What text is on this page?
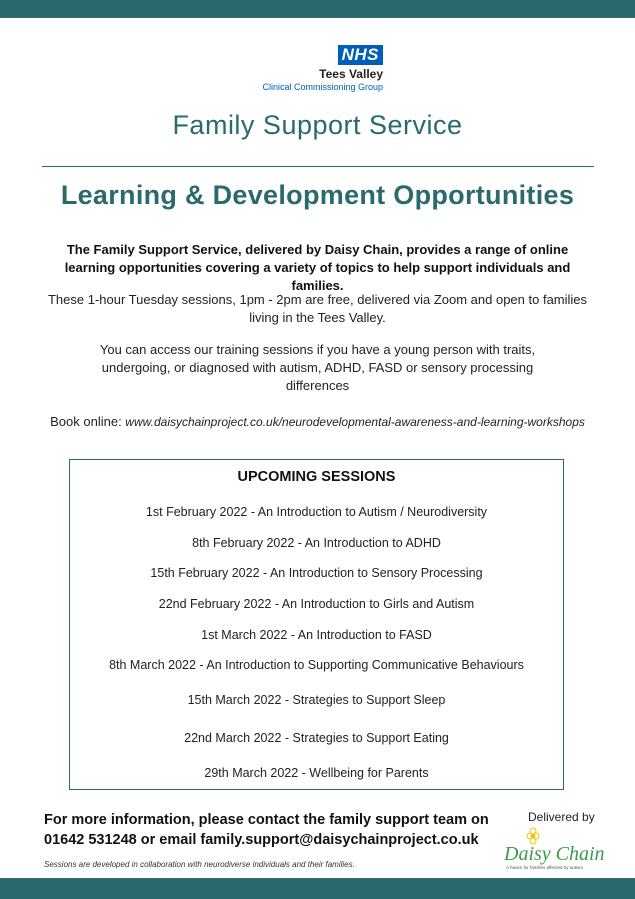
NHS
Tees Valley
Clinical Commissioning Group
Family Support Service
Learning & Development Opportunities
The Family Support Service, delivered by Daisy Chain, provides a range of online learning opportunities covering a variety of topics to help support individuals and families.
These 1-hour Tuesday sessions, 1pm - 2pm are free, delivered via Zoom and open to families living in the Tees Valley.
You can access our training sessions if you have a young person with traits, undergoing, or diagnosed with autism, ADHD, FASD or sensory processing differences
Book online: www.daisychainproject.co.uk/neurodevelopmental-awareness-and-learning-workshops
UPCOMING SESSIONS
1st February 2022 - An Introduction to Autism / Neurodiversity
8th February 2022 - An Introduction to ADHD
15th February 2022 - An Introduction to Sensory Processing
22nd February 2022 - An Introduction to Girls and Autism
1st March 2022 - An Introduction to FASD
8th March 2022 - An Introduction to Supporting Communicative Behaviours
15th March 2022 - Strategies to Support Sleep
22nd March 2022 - Strategies to Support Eating
29th March 2022 - Wellbeing for Parents
For more information, please contact the family support team on
01642 531248 or email family.support@daisychainproject.co.uk
Sessions are developed in collaboration with neurodiverse individuals and their families.
Delivered by
Daisy Chain
A haven for families affected by autism
